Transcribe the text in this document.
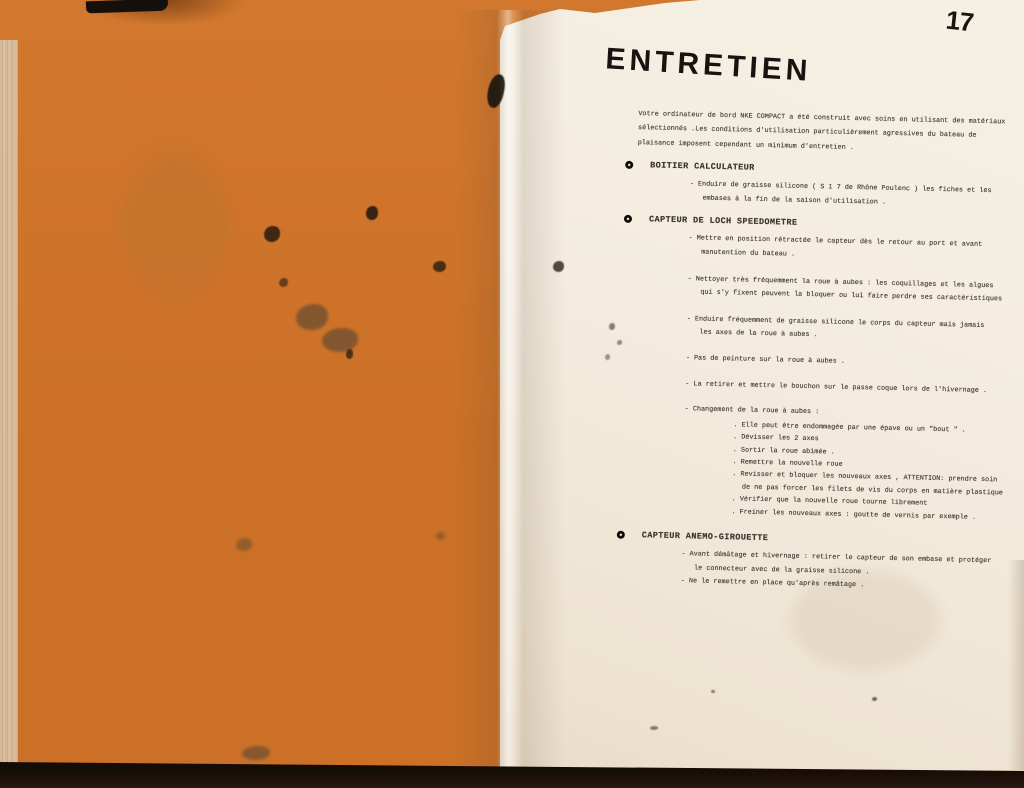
17
ENTRETIEN
Votre ordinateur de bord NKE COMPACT a été construit avec soins en utilisant des matériaux
sélectionnés .Les conditions d'utilisation particulièrement agressives du bateau de
plaisance imposent cependant un minimum d'entretien .
BOITIER CALCULATEUR
- Enduire de graisse silicone ( S 1 7 de Rhône Poulenc ) les fiches et les
embases à la fin de la saison d'utilisation .
CAPTEUR DE LOCH SPEEDOMETRE
- Mettre en position rétractée le capteur dès le retour au port et avant
manutention du bateau .
- Nettoyer très fréquemment la roue à aubes : les coquillages et les algues
qui s'y fixent peuvent la bloquer ou lui faire perdre ses caractéristiques
- Enduire fréquemment de graisse silicone le corps du capteur mais jamais
les axes de la roue à aubes .
- Pas de peinture sur la roue à aubes .
- La retirer et mettre le bouchon sur le passe coque lors de l'hivernage .
- Changement de la roue à aubes :
. Elle peut être endommagée par une épave ou un "bout " .
. Dévisser les 2 axes
. Sortir la roue abimée .
. Remettre la nouvelle roue
. Revisser et bloquer les nouveaux axes , ATTENTION: prendre soin
de ne pas forcer les filets de vis du corps en matière plastique
. Vérifier que la nouvelle roue tourne librement
. Freiner les nouveaux axes : goutte de vernis par exemple .
CAPTEUR ANEMO-GIROUETTE
- Avant démâtage et hivernage : retirer le capteur de son embase et protéger
le connecteur avec de la graisse silicone .
- Ne le remettre en place qu'après remâtage .
